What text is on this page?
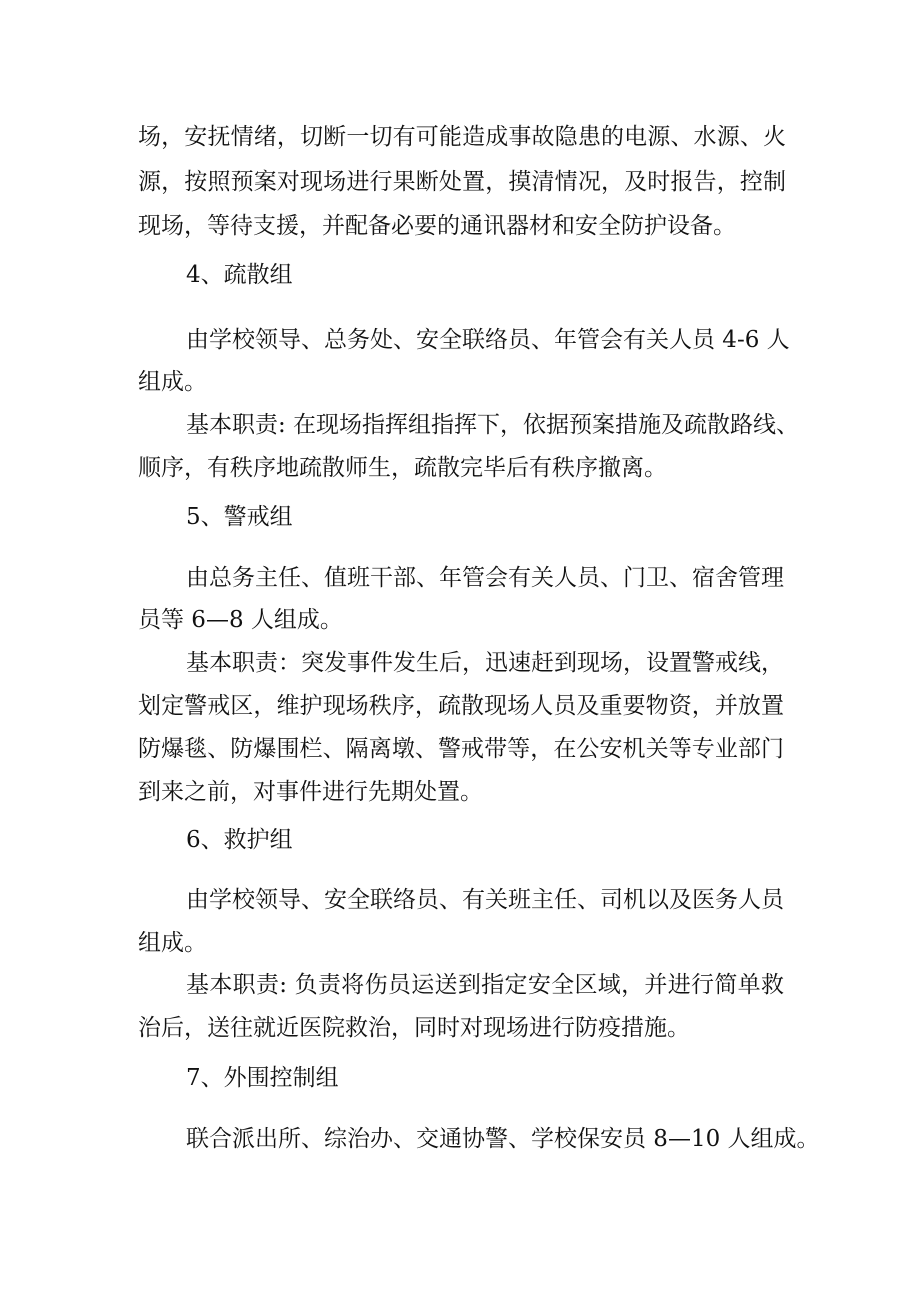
场，安抚情绪，切断一切有可能造成事故隐患的电源、水源、火

源，按照预案对现场进行果断处置，摸清情况，及时报告，控制

现场，等待支援，并配备必要的通讯器材和安全防护设备。

4、疏散组

由学校领导、总务处、安全联络员、年管会有关人员 4-6 人

组成。

基本职责: 在现场指挥组指挥下，依据预案措施及疏散路线、

顺序，有秩序地疏散师生，疏散完毕后有秩序撤离。

5、警戒组

由总务主任、值班干部、年管会有关人员、门卫、宿舍管理

员等 6—8 人组成。

基本职责：突发事件发生后，迅速赶到现场，设置警戒线，

划定警戒区，维护现场秩序，疏散现场人员及重要物资，并放置

防爆毯、防爆围栏、隔离墩、警戒带等，在公安机关等专业部门

到来之前，对事件进行先期处置。

6、救护组

由学校领导、安全联络员、有关班主任、司机以及医务人员

组成。

基本职责: 负责将伤员运送到指定安全区域，并进行简单救

治后，送往就近医院救治，同时对现场进行防疫措施。

7、外围控制组

联合派出所、综治办、交通协警、学校保安员 8—10 人组成。
